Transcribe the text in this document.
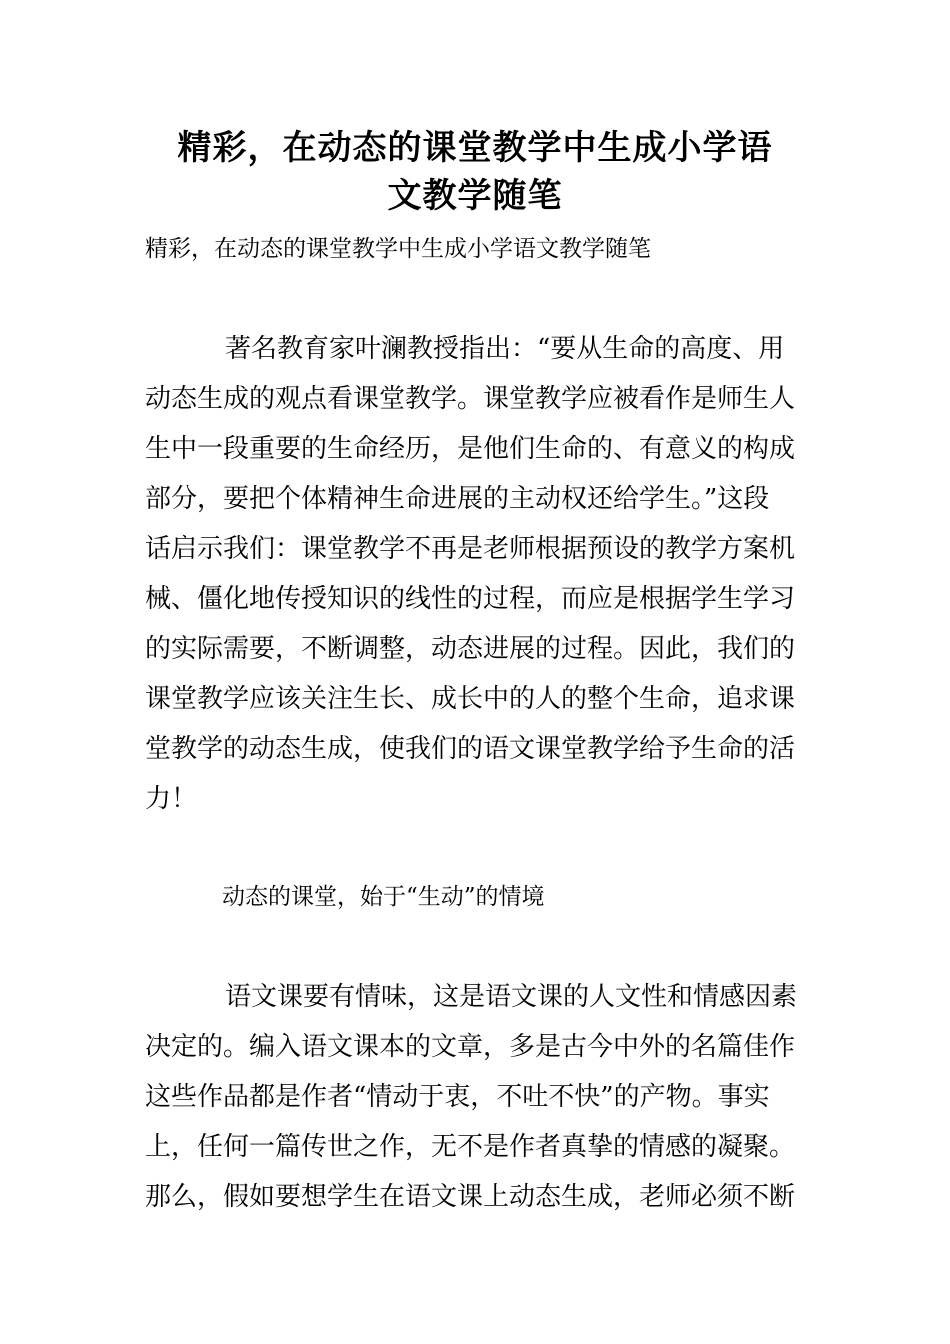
精彩，在动态的课堂教学中生成小学语
文教学随笔
精彩，在动态的课堂教学中生成小学语文教学随笔
著名教育家叶澜教授指出：“要从生命的高度、用
动态生成的观点看课堂教学。课堂教学应被看作是师生人
生中一段重要的生命经历，是他们生命的、有意义的构成
部分，要把个体精神生命进展的主动权还给学生。”这段
话启示我们：课堂教学不再是老师根据预设的教学方案机
械、僵化地传授知识的线性的过程，而应是根据学生学习
的实际需要，不断调整，动态进展的过程。因此，我们的
课堂教学应该关注生长、成长中的人的整个生命，追求课
堂教学的动态生成，使我们的语文课堂教学给予生命的活
力！
动态的课堂，始于“生动”的情境
语文课要有情味，这是语文课的人文性和情感因素
决定的。编入语文课本的文章，多是古今中外的名篇佳作
这些作品都是作者“情动于衷，不吐不快”的产物。事实
上，任何一篇传世之作，无不是作者真挚的情感的凝聚。
那么，假如要想学生在语文课上动态生成，老师必须不断
